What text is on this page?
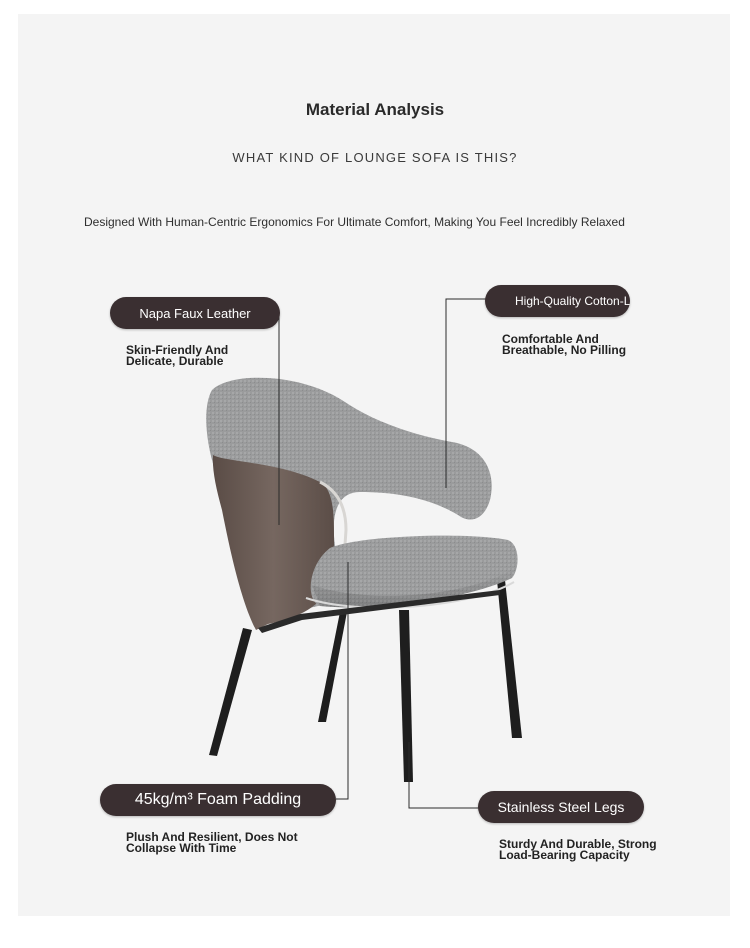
Material Analysis
WHAT KIND OF LOUNGE SOFA IS THIS?
Designed With Human-Centric Ergonomics For Ultimate Comfort, Making You Feel Incredibly Relaxed
Napa Faux Leather
Skin-Friendly And
Delicate, Durable
High-Quality Cotton-L
Comfortable And
Breathable, No Pilling
45kg/m³ Foam Padding
Plush And Resilient, Does Not
Collapse With Time
Stainless Steel Legs
Sturdy And Durable, Strong
Load-Bearing Capacity
